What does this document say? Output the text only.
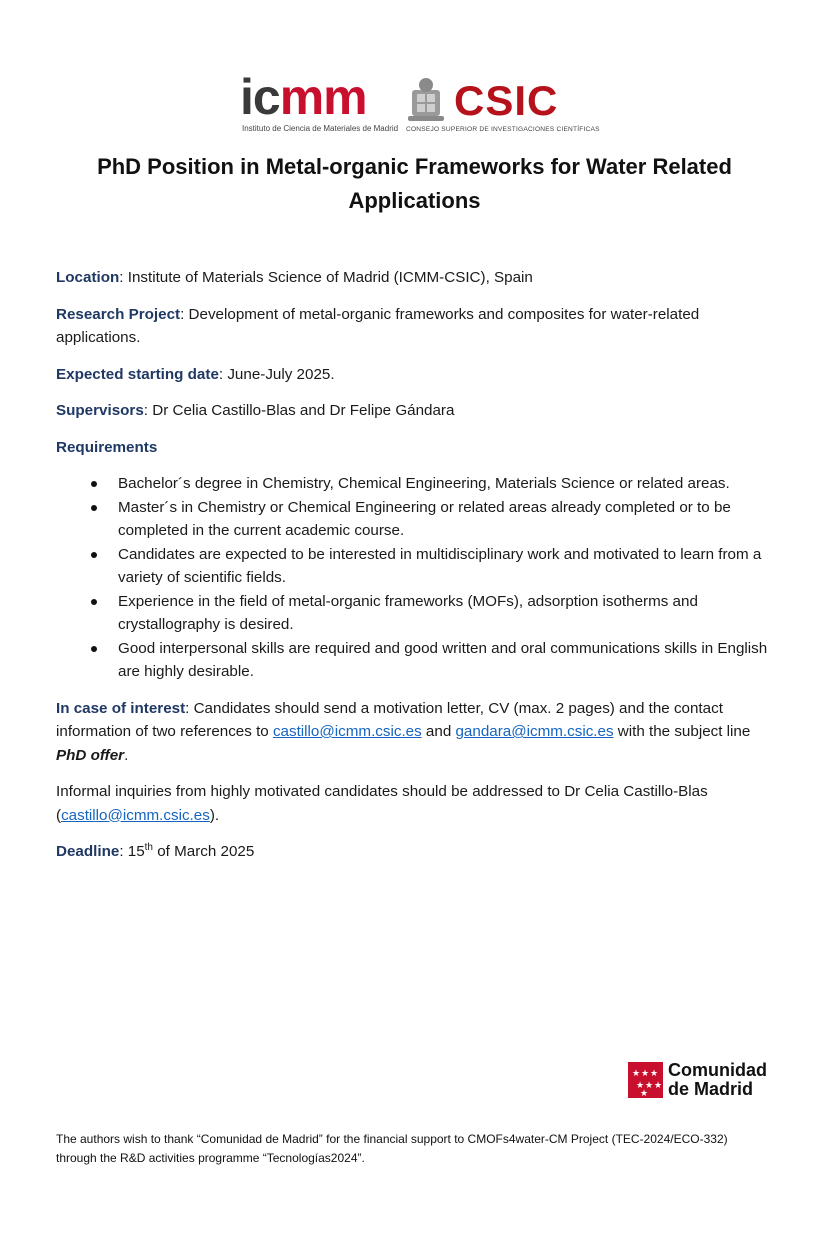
icmm
Instituto de Ciencia de Materiales de Madrid
CSIC
CONSEJO SUPERIOR DE INVESTIGACIONES CIENTÍFICAS
PhD Position in Metal-organic Frameworks for Water Related Applications

Location: Institute of Materials Science of Madrid (ICMM-CSIC), Spain

Research Project: Development of metal-organic frameworks and composites for water-related applications.

Expected starting date: June-July 2025.

Supervisors: Dr Celia Castillo-Blas and Dr Felipe Gándara

Requirements
Bachelor´s degree in Chemistry, Chemical Engineering, Materials Science or related areas.
Master´s in Chemistry or Chemical Engineering or related areas already completed or to be completed in the current academic course.
Candidates are expected to be interested in multidisciplinary work and motivated to learn from a variety of scientific fields.
Experience in the field of metal-organic frameworks (MOFs), adsorption isotherms and crystallography is desired.
Good interpersonal skills are required and good written and oral communications skills in English are highly desirable.

In case of interest: Candidates should send a motivation letter, CV (max. 2 pages) and the contact information of two references to castillo@icmm.csic.es and gandara@icmm.csic.es with the subject line PhD offer.

Informal inquiries from highly motivated candidates should be addressed to Dr Celia Castillo-Blas (castillo@icmm.csic.es).

Deadline: 15th of March 2025

★ ★ ★
★ ★ ★
★
Comunidad
de Madrid
The authors wish to thank “Comunidad de Madrid” for the financial support to CMOFs4water-CM Project (TEC-2024/ECO-332) through the R&D activities programme “Tecnologías2024”.
